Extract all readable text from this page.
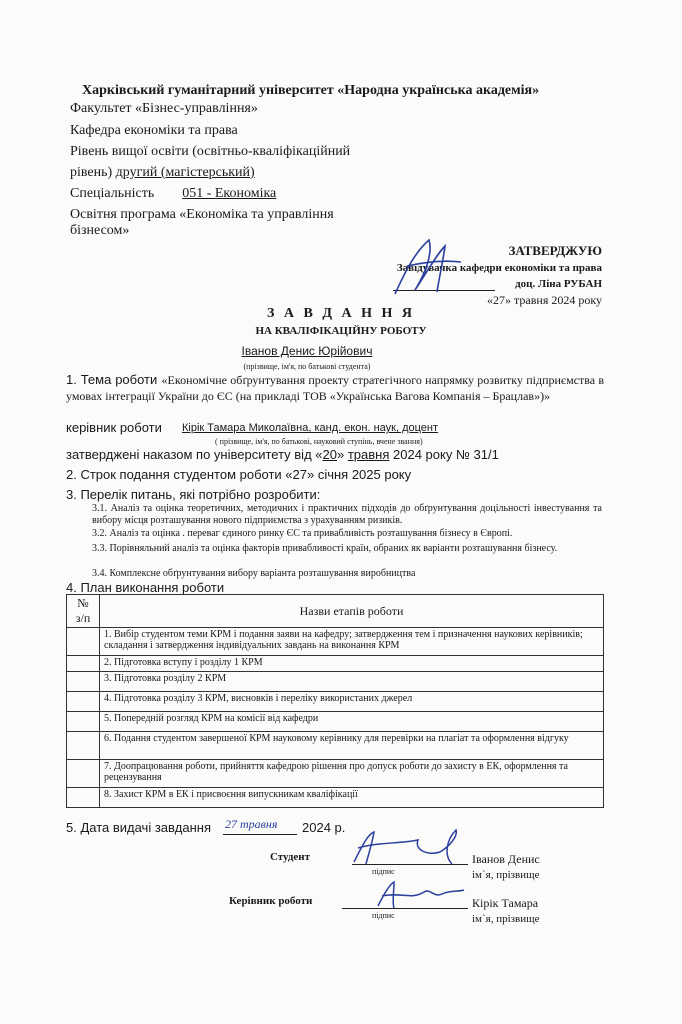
Харківський гуманітарний університет «Народна українська академія»
Факультет «Бізнес-управління»
Кафедра економіки та права
Рівень вищої освіти (освітньо-кваліфікаційний
рівень) другий (магістерський)
Спеціальність 051 - Економіка
Освітня програма «Економіка та управління
бізнесом»
ЗАТВЕРДЖУЮ
Завідувачка кафедри економіки та права
доц. Ліна РУБАН
«27» травня 2024 року
З А В Д А Н Н Я
НА КВАЛІФІКАЦІЙНУ РОБОТУ
Іванов Денис Юрійович
(прізвище, ім'я, по батькові студента)
1. Тема роботи «Економічне обґрунтування проекту стратегічного напрямку розвитку підприємства в умовах інтеграції України до ЄС (на прикладі ТОВ «Українська Вагова Компанія – Брацлав»)»
керівник роботи Кірік Тамара Миколаївна, канд. екон. наук, доцент
( прізвище, ім'я, по батькові, науковий ступінь, вчене звання)
затверджені наказом по університету від «20» травня 2024 року № 31/1
2. Строк подання студентом роботи «27» січня 2025 року
3. Перелік питань, які потрібно розробити:
3.1. Аналіз та оцінка теоретичних, методичних і практичних підходів до обґрунтування доцільності інвестування та вибору місця розташування нового підприємства з урахуванням ризиків.
3.2. Аналіз та оцінка . переваг єдиного ринку ЄС та привабливість розташування бізнесу в Європі.
3.3. Порівняльний аналіз та оцінка факторів привабливості країн, обраних як варіанти розташування бізнесу.
3.4. Комплексне обґрунтування вибору варіанта розташування виробництва
4. План виконання роботи
№
з/п	Назви етапів роботи
	1. Вибір студентом теми КРМ і подання заяви на кафедру; затвердження тем і призначення наукових керівників; складання і затвердження індивідуальних завдань на виконання КРМ
	2. Підготовка вступу і розділу 1 КРМ
	3. Підготовка розділу 2 КРМ
	4. Підготовка розділу 3 КРМ, висновків і переліку використаних джерел
	5. Попередній розгляд КРМ на комісії від кафедри
	6. Подання студентом завершеної КРМ науковому керівнику для перевірки на плагіат та оформлення відгуку
	7. Доопрацювання роботи, прийняття кафедрою рішення про допуск роботи до захисту в ЕК, оформлення та рецензування
	8. Захист КРМ в ЕК і присвоєння випускникам кваліфікації
5. Дата видачі завдання 27 травня 2024 р.
Студент
підпис
Іванов Денис
ім`я, прізвище
Керівник роботи
підпис
Кірік Тамара
ім`я, прізвище
